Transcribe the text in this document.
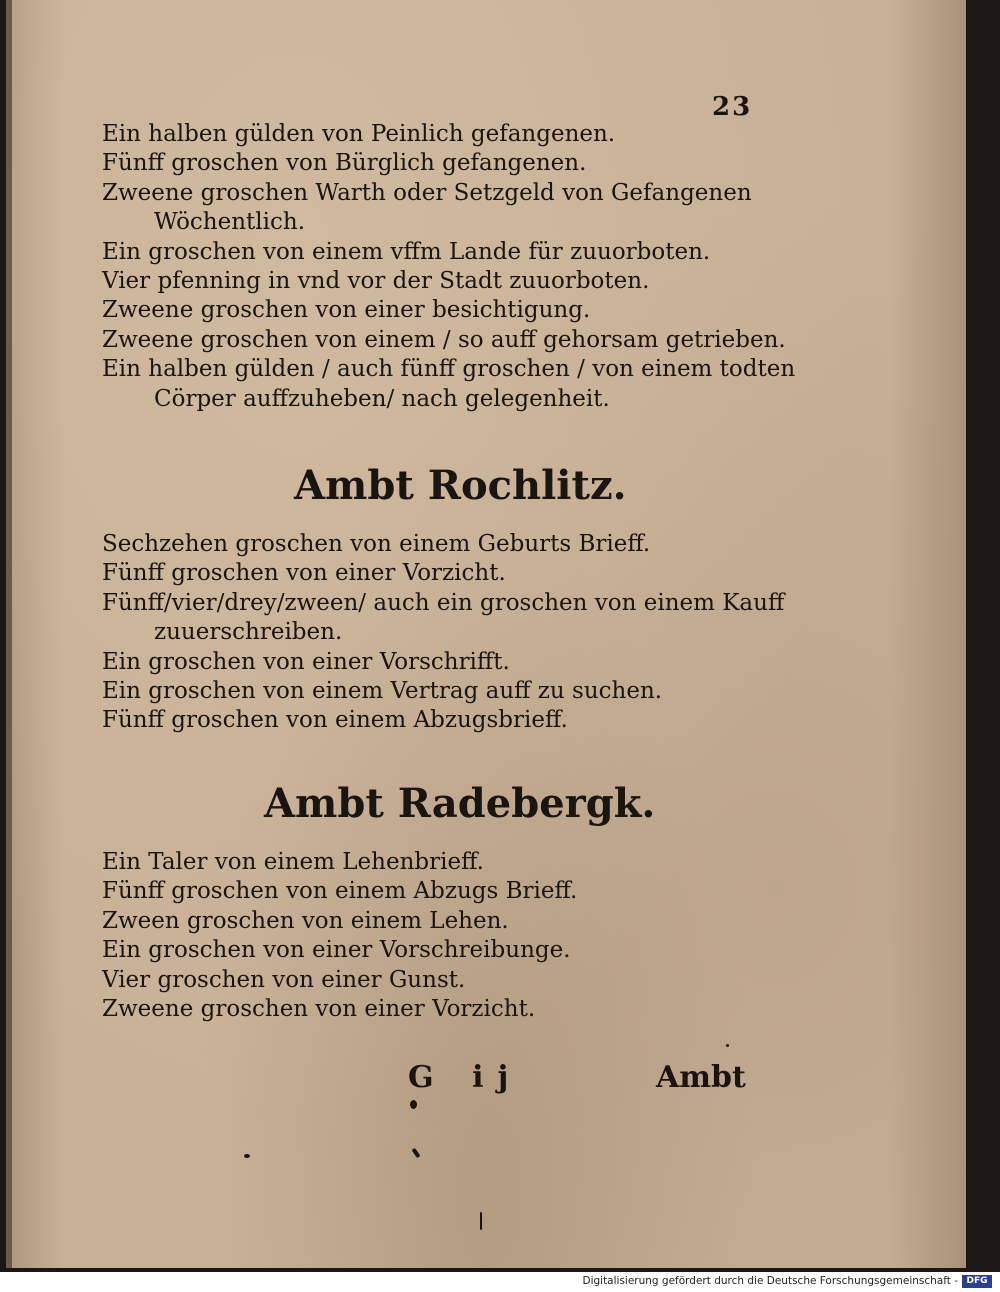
23
Ein halben gülden von Peinlich gefangenen.
Fünff groschen von Bürglich gefangenen.
Zweene groschen Warth oder Setzgeld von Gefangenen
Wöchentlich.
Ein groschen von einem vffm Lande für zuuorboten.
Vier pfenning in vnd vor der Stadt zuuorboten.
Zweene groschen von einer besichtigung.
Zweene groschen von einem / so auff gehorsam getrieben.
Ein halben gülden / auch fünff groschen / von einem todten
Cörper auffzuheben/ nach gelegenheit.
Ambt Rochlitz.
Sechzehen groschen von einem Geburts Brieff.
Fünff groschen von einer Vorzicht.
Fünff/vier/drey/zween/ auch ein groschen von einem Kauff
zuuerschreiben.
Ein groschen von einer Vorschrifft.
Ein groschen von einem Vertrag auff zu suchen.
Fünff groschen von einem Abzugsbrieff.
Ambt Radebergk.
Ein Taler von einem Lehenbrieff.
Fünff groschen von einem Abzugs Brieff.
Zween groschen von einem Lehen.
Ein groschen von einer Vorschreibunge.
Vier groschen von einer Gunst.
Zweene groschen von einer Vorzicht.
G ij	Ambt
Digitalisierung gefördert durch die Deutsche Forschungsgemeinschaft - DFG
